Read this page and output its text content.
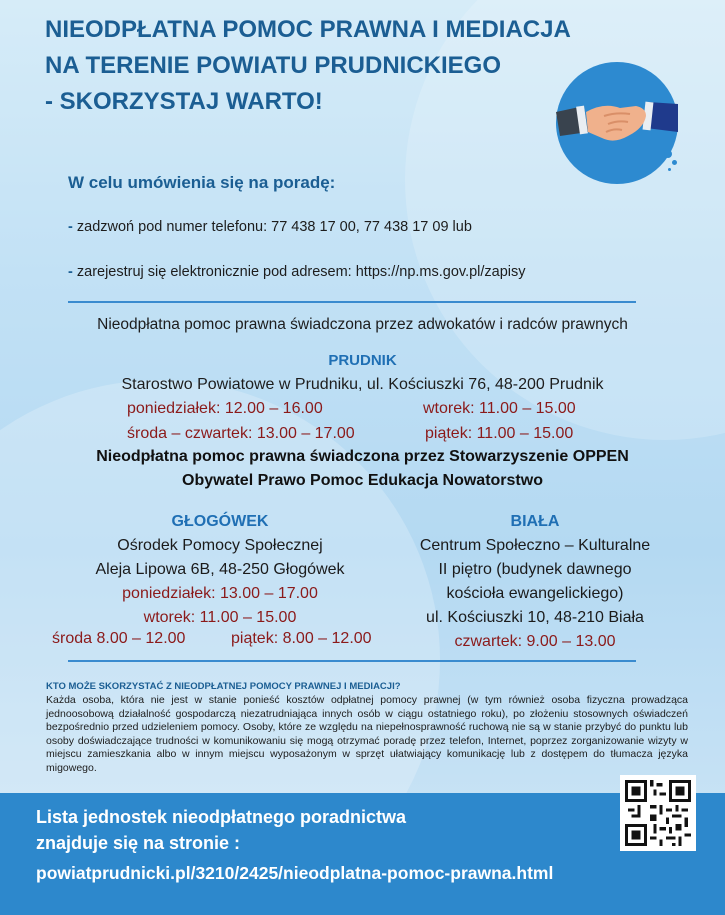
NIEODPŁATNA POMOC PRAWNA I MEDIACJA
NA TERENIE POWIATU PRUDNICKIEGO
- SKORZYSTAJ WARTO!
W celu umówienia się na poradę:
- zadzwoń pod numer telefonu: 77 438 17 00, 77 438 17 09 lub
- zarejestruj się elektronicznie pod adresem: https://np.ms.gov.pl/zapisy
Nieodpłatna pomoc prawna świadczona przez adwokatów i radców prawnych
PRUDNIK
Starostwo Powiatowe w Prudniku, ul. Kościuszki 76, 48-200 Prudnik
poniedziałek: 12.00 – 16.00	wtorek: 11.00 – 15.00
środa – czwartek: 13.00 – 17.00	piątek: 11.00 – 15.00
Nieodpłatna pomoc prawna świadczona przez Stowarzyszenie OPPEN
Obywatel Prawo Pomoc Edukacja Nowatorstwo
GŁOGÓWEK
Ośrodek Pomocy Społecznej
Aleja Lipowa 6B, 48-250 Głogówek
poniedziałek: 13.00 – 17.00
wtorek: 11.00 – 15.00
środa 8.00 – 12.00	piątek: 8.00 – 12.00
BIAŁA
Centrum Społeczno – Kulturalne
II piętro (budynek dawnego
kościoła ewangelickiego)
ul. Kościuszki 10, 48-210 Biała
czwartek: 9.00 – 13.00
KTO MOŻE SKORZYSTAĆ Z NIEODPŁATNEJ POMOCY PRAWNEJ I MEDIACJI?
Każda osoba, która nie jest w stanie ponieść kosztów odpłatnej pomocy prawnej (w tym również osoba fizyczna prowadząca jednoosobową działalność gospodarczą niezatrudniająca innych osób w ciągu ostatniego roku), po złożeniu stosownych oświadczeń bezpośrednio przed udzieleniem pomocy. Osoby, które ze względu na niepełnosprawność ruchową nie są w stanie przybyć do punktu lub osoby doświadczające trudności w komunikowaniu się mogą otrzymać poradę przez telefon, Internet, poprzez zorganizowanie wizyty w miejscu zamieszkania albo w innym miejscu wyposażonym w sprzęt ułatwiający komunikację lub z dostępem do tłumacza języka migowego.
Lista jednostek nieodpłatnego poradnictwa
znajduje się na stronie :
powiatprudnicki.pl/3210/2425/nieodplatna-pomoc-prawna.html
